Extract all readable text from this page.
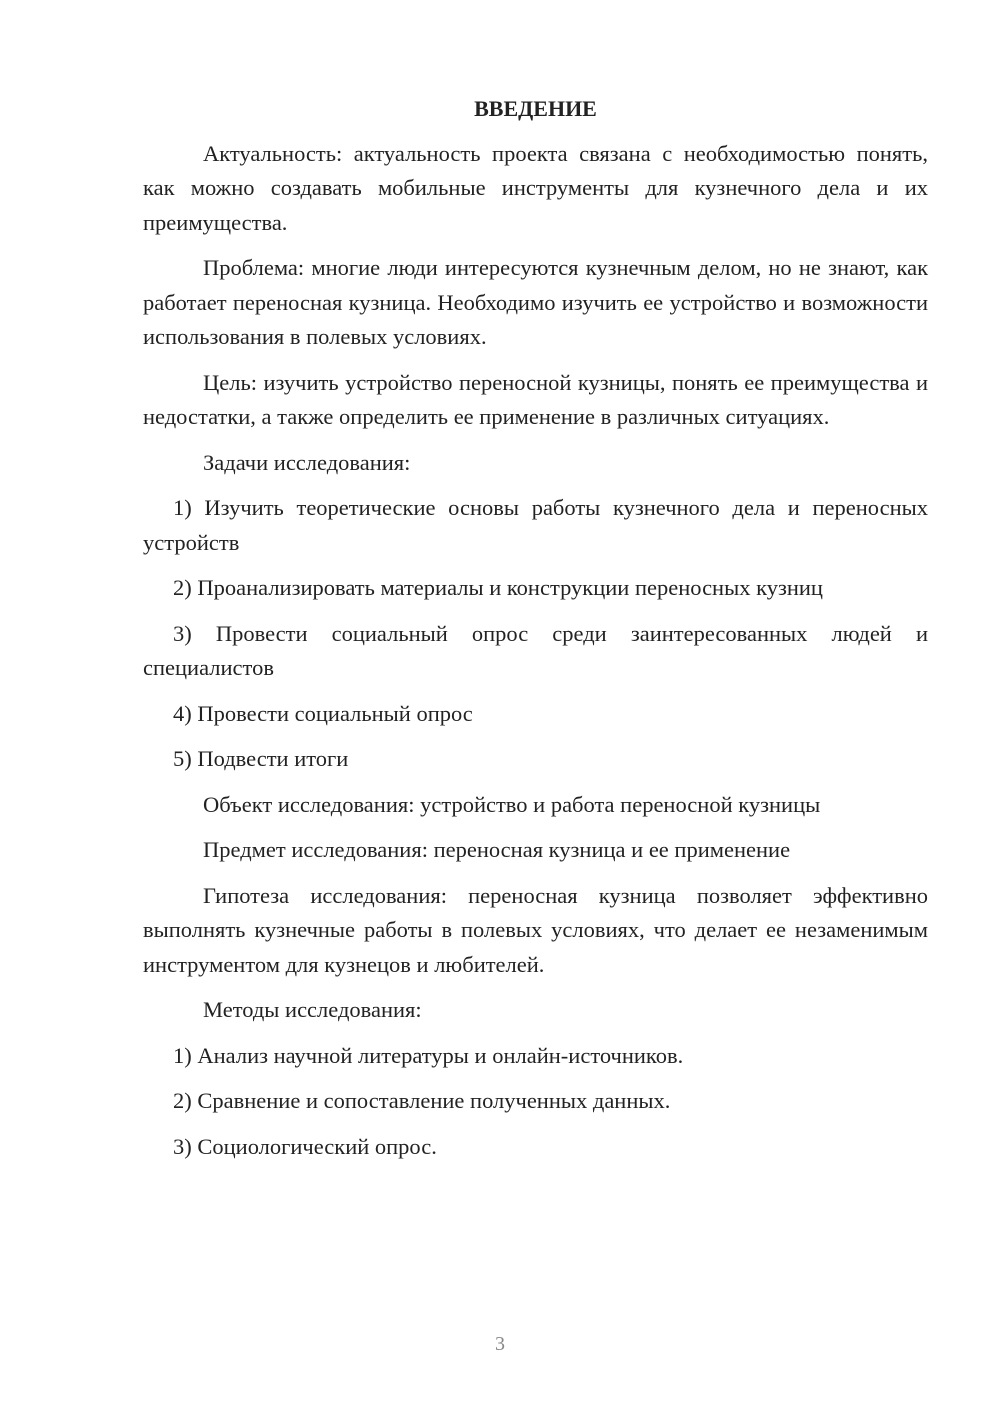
ВВЕДЕНИЕ

Актуальность: актуальность проекта связана с необходимостью понять, как можно создавать мобильные инструменты для кузнечного дела и их преимущества.

Проблема: многие люди интересуются кузнечным делом, но не знают, как работает переносная кузница. Необходимо изучить ее устройство и возможности использования в полевых условиях.

Цель: изучить устройство переносной кузницы, понять ее преимущества и недостатки, а также определить ее применение в различных ситуациях.

Задачи исследования:

1) Изучить теоретические основы работы кузнечного дела и переносных устройств

2) Проанализировать материалы и конструкции переносных кузниц

3) Провести социальный опрос среди заинтересованных людей и специалистов

4) Провести социальный опрос

5) Подвести итоги

Объект исследования: устройство и работа переносной кузницы

Предмет исследования: переносная кузница и ее применение

Гипотеза исследования: переносная кузница позволяет эффективно выполнять кузнечные работы в полевых условиях, что делает ее незаменимым инструментом для кузнецов и любителей.

Методы исследования:

1) Анализ научной литературы и онлайн-источников.

2) Сравнение и сопоставление полученных данных.

3) Социологический опрос.

3
